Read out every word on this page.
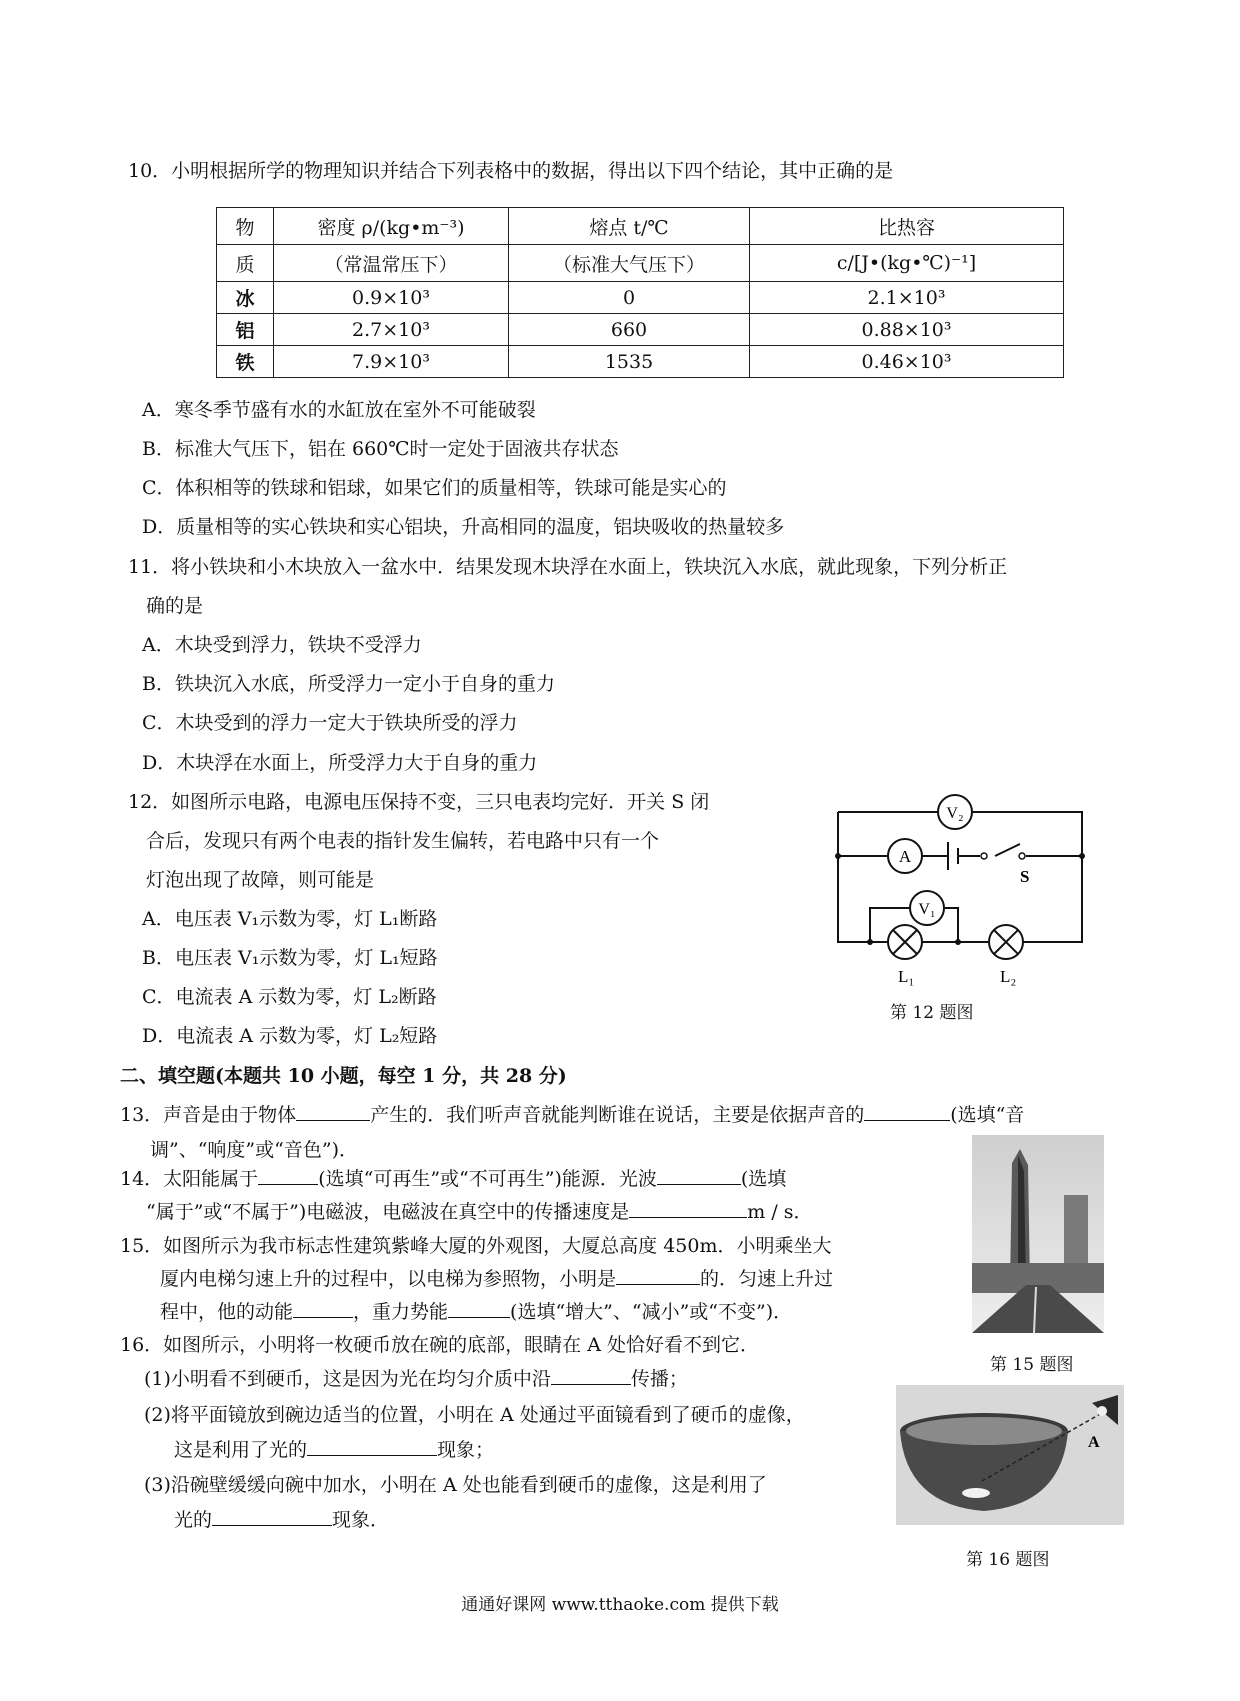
10．小明根据所学的物理知识并结合下列表格中的数据，得出以下四个结论，其中正确的是
物	密度 ρ/(kg•m⁻³)	熔点 t/℃	比热容
质	（常温常压下）	（标准大气压下）	c/[J•(kg•℃)⁻¹]
冰	0.9×10³	0	2.1×10³
铝	2.7×10³	660	0.88×10³
铁	7.9×10³	1535	0.46×10³
A．寒冬季节盛有水的水缸放在室外不可能破裂
B．标准大气压下，铝在 660℃时一定处于固液共存状态
C．体积相等的铁球和铝球，如果它们的质量相等，铁球可能是实心的
D．质量相等的实心铁块和实心铝块，升高相同的温度，铝块吸收的热量较多
11．将小铁块和小木块放入一盆水中．结果发现木块浮在水面上，铁块沉入水底，就此现象，下列分析正
确的是
A．木块受到浮力，铁块不受浮力
B．铁块沉入水底，所受浮力一定小于自身的重力
C．木块受到的浮力一定大于铁块所受的浮力
D．木块浮在水面上，所受浮力大于自身的重力
12．如图所示电路，电源电压保持不变，三只电表均完好．开关 S 闭
合后，发现只有两个电表的指针发生偏转，若电路中只有一个
灯泡出现了故障，则可能是
A．电压表 V₁示数为零，灯 L₁断路
B．电压表 V₁示数为零，灯 L₁短路
C．电流表 A 示数为零，灯 L₂断路
D．电流表 A 示数为零，灯 L₂短路
V₂
A
S
V₁
L₁	L₂
第 12 题图
二、填空题(本题共 10 小题，每空 1 分，共 28 分)
13．声音是由于物体	产生的．我们听声音就能判断谁在说话，主要是依据声音的	(选填“音
调”、“响度”或“音色”)．
14．太阳能属于	(选填“可再生”或“不可再生”)能源．光波	(选填
“属于”或“不属于”)电磁波，电磁波在真空中的传播速度是	m / s．
15．如图所示为我市标志性建筑紫峰大厦的外观图，大厦总高度 450m．小明乘坐大
厦内电梯匀速上升的过程中，以电梯为参照物，小明是	的．匀速上升过
程中，他的动能	，重力势能	(选填“增大”、“减小”或“不变”)．
第 15 题图
16．如图所示，小明将一枚硬币放在碗的底部，眼睛在 A 处恰好看不到它．
(1)小明看不到硬币，这是因为光在均匀介质中沿	传播；
(2)将平面镜放到碗边适当的位置，小明在 A 处通过平面镜看到了硬币的虚像，
这是利用了光的	现象；
(3)沿碗壁缓缓向碗中加水，小明在 A 处也能看到硬币的虚像，这是利用了
光的	现象．
A
第 16 题图
通通好课网 www.tthaoke.com 提供下载
